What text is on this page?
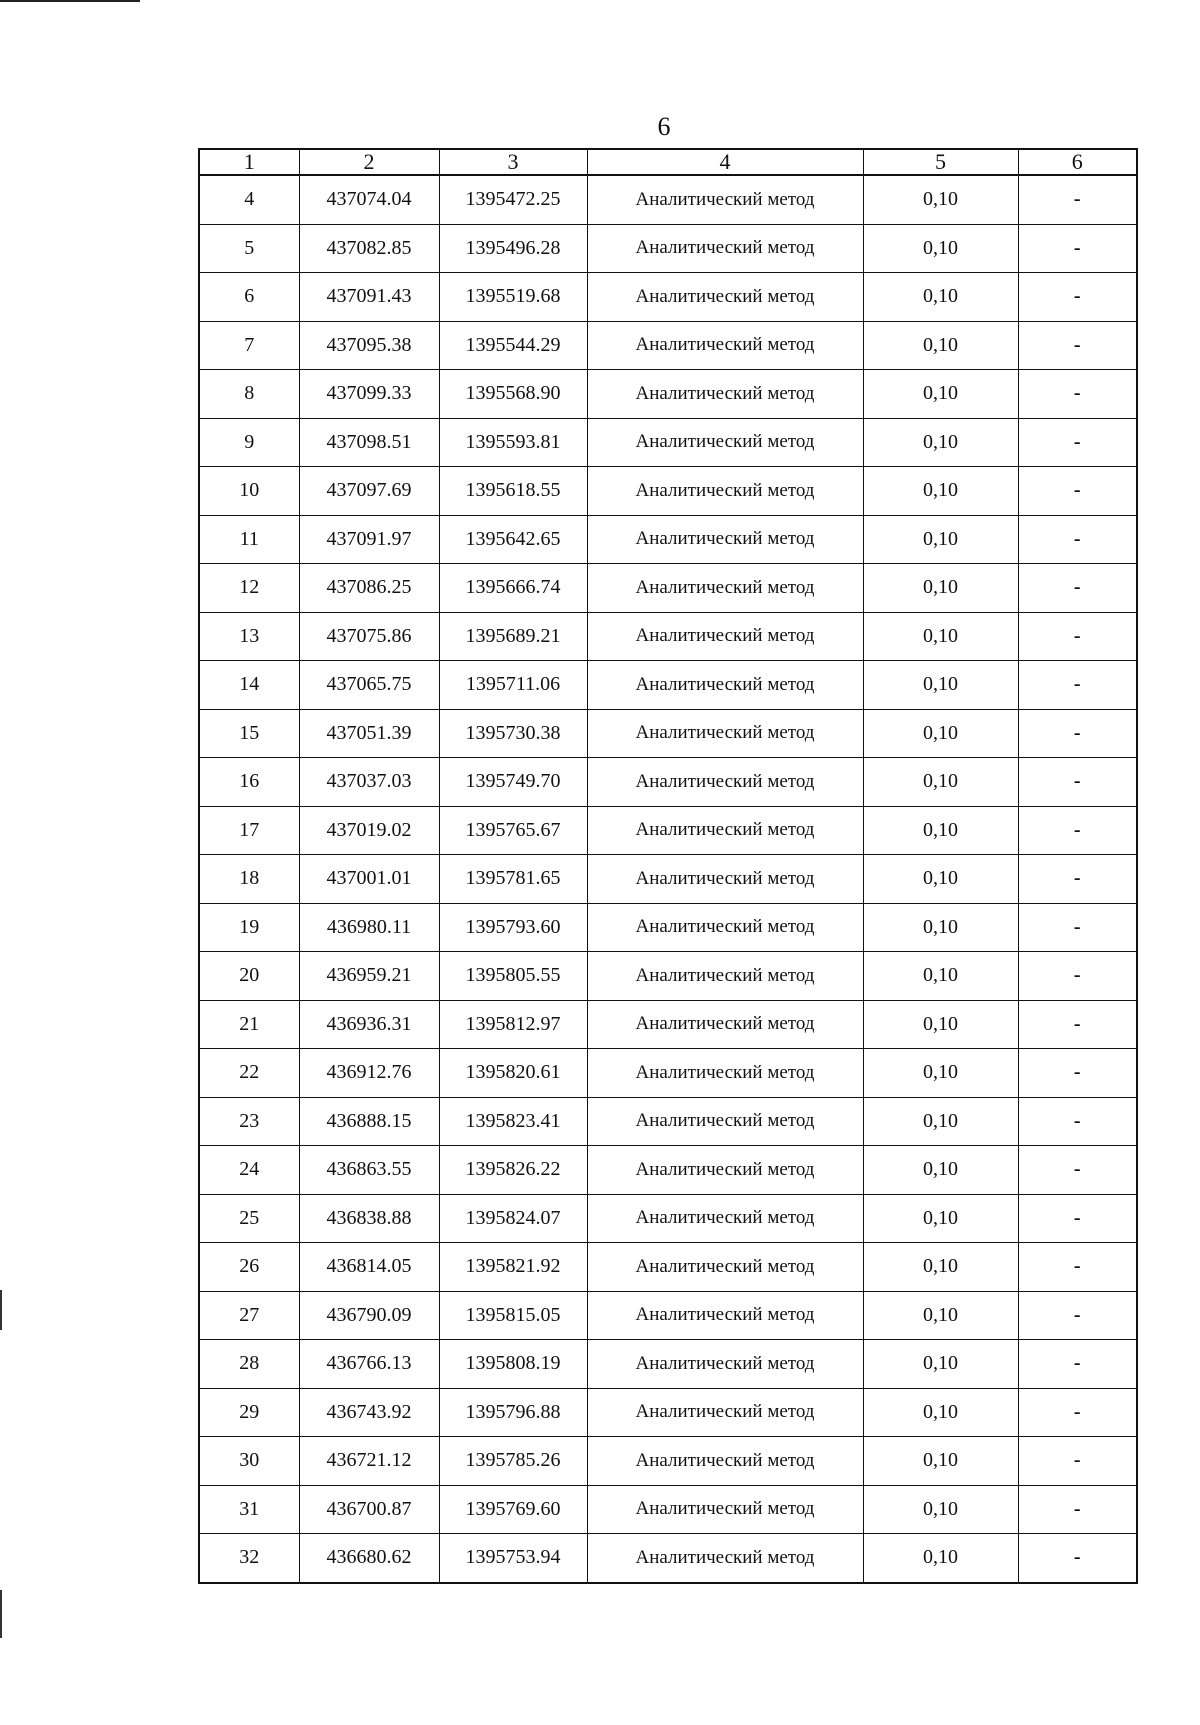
6
1	2	3	4	5	6
4	437074.04	1395472.25	Аналитический метод	0,10	-
5	437082.85	1395496.28	Аналитический метод	0,10	-
6	437091.43	1395519.68	Аналитический метод	0,10	-
7	437095.38	1395544.29	Аналитический метод	0,10	-
8	437099.33	1395568.90	Аналитический метод	0,10	-
9	437098.51	1395593.81	Аналитический метод	0,10	-
10	437097.69	1395618.55	Аналитический метод	0,10	-
11	437091.97	1395642.65	Аналитический метод	0,10	-
12	437086.25	1395666.74	Аналитический метод	0,10	-
13	437075.86	1395689.21	Аналитический метод	0,10	-
14	437065.75	1395711.06	Аналитический метод	0,10	-
15	437051.39	1395730.38	Аналитический метод	0,10	-
16	437037.03	1395749.70	Аналитический метод	0,10	-
17	437019.02	1395765.67	Аналитический метод	0,10	-
18	437001.01	1395781.65	Аналитический метод	0,10	-
19	436980.11	1395793.60	Аналитический метод	0,10	-
20	436959.21	1395805.55	Аналитический метод	0,10	-
21	436936.31	1395812.97	Аналитический метод	0,10	-
22	436912.76	1395820.61	Аналитический метод	0,10	-
23	436888.15	1395823.41	Аналитический метод	0,10	-
24	436863.55	1395826.22	Аналитический метод	0,10	-
25	436838.88	1395824.07	Аналитический метод	0,10	-
26	436814.05	1395821.92	Аналитический метод	0,10	-
27	436790.09	1395815.05	Аналитический метод	0,10	-
28	436766.13	1395808.19	Аналитический метод	0,10	-
29	436743.92	1395796.88	Аналитический метод	0,10	-
30	436721.12	1395785.26	Аналитический метод	0,10	-
31	436700.87	1395769.60	Аналитический метод	0,10	-
32	436680.62	1395753.94	Аналитический метод	0,10	-
